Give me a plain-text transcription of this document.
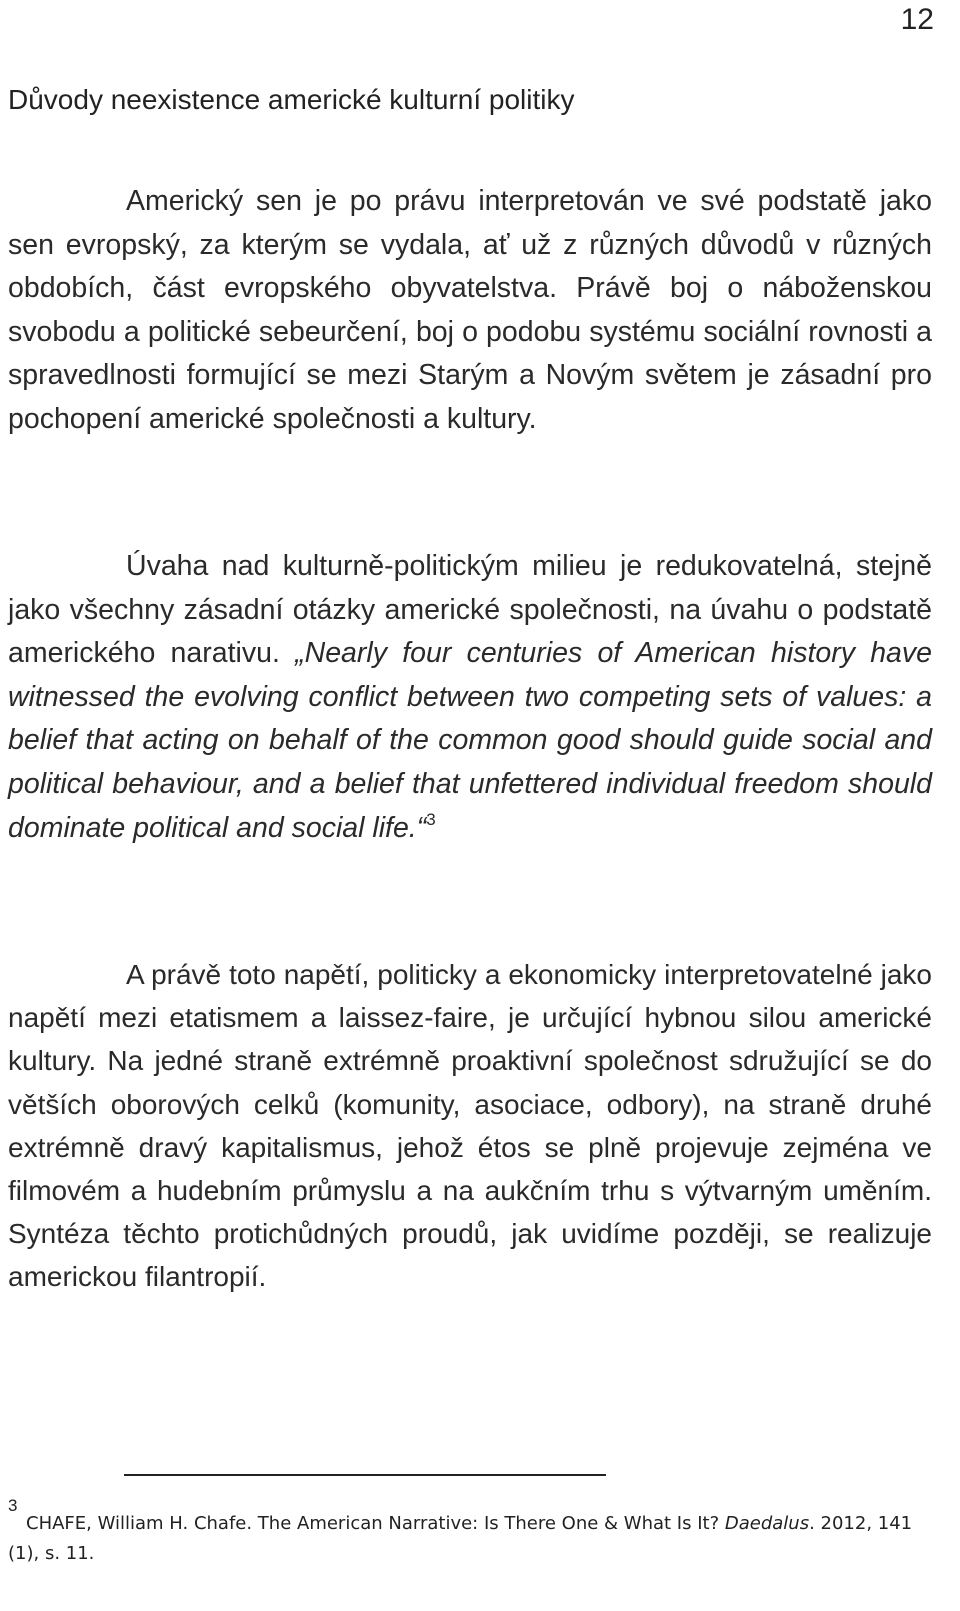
12
Důvody neexistence americké kulturní politiky

Americký sen je po právu interpretován ve své podstatě jako sen evropský, za kterým se vydala, ať už z různých důvodů v různých obdobích, část evropského obyvatelstva. Právě boj o náboženskou svobodu a politické sebeurčení, boj o podobu systému sociální rovnosti a spravedlnosti formující se mezi Starým a Novým světem je zásadní pro pochopení americké společnosti a kultury.

Úvaha nad kulturně-politickým milieu je redukovatelná, stejně jako všechny zásadní otázky americké společnosti, na úvahu o podstatě amerického narativu. „Nearly four centuries of American history have witnessed the evolving conflict between two competing sets of values: a belief that acting on behalf of the common good should guide social and political behaviour, and a belief that unfettered individual freedom should dominate political and social life.“$^3$

A právě toto napětí, politicky a ekonomicky interpretovatelné jako napětí mezi etatismem a laissez-faire, je určující hybnou silou americké kultury. Na jedné straně extrémně proaktivní společnost sdružující se do větších oborových celků (komunity, asociace, odbory), na straně druhé extrémně dravý kapitalismus, jehož étos se plně projevuje zejména ve filmovém a hudebním průmyslu a na aukčním trhu s výtvarným uměním. Syntéza těchto protichůdných proudů, jak uvidíme později, se realizuje americkou filantropií.

3

CHAFE, William H. Chafe. The American Narrative: Is There One & What Is It? Daedalus. 2012, 141 (1), s. 11.
